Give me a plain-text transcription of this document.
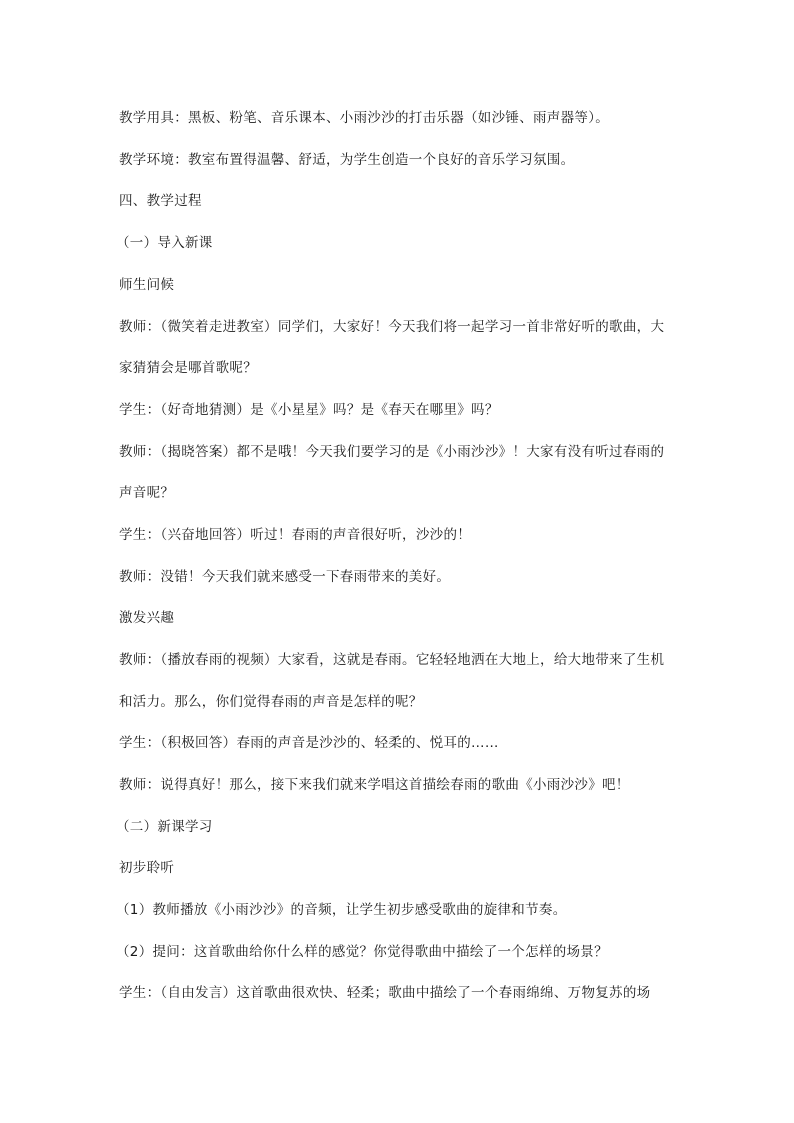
教学用具：黑板、粉笔、音乐课本、小雨沙沙的打击乐器（如沙锤、雨声器等）。
教学环境：教室布置得温馨、舒适，为学生创造一个良好的音乐学习氛围。
四、教学过程
（一）导入新课
师生问候
教师：（微笑着走进教室）同学们，大家好！今天我们将一起学习一首非常好听的歌曲，大
家猜猜会是哪首歌呢？
学生：（好奇地猜测）是《小星星》吗？是《春天在哪里》吗？
教师：（揭晓答案）都不是哦！今天我们要学习的是《小雨沙沙》！大家有没有听过春雨的
声音呢？
学生：（兴奋地回答）听过！春雨的声音很好听，沙沙的！
教师：没错！今天我们就来感受一下春雨带来的美好。
激发兴趣
教师：（播放春雨的视频）大家看，这就是春雨。它轻轻地洒在大地上，给大地带来了生机
和活力。那么，你们觉得春雨的声音是怎样的呢？
学生：（积极回答）春雨的声音是沙沙的、轻柔的、悦耳的……
教师：说得真好！那么，接下来我们就来学唱这首描绘春雨的歌曲《小雨沙沙》吧！
（二）新课学习
初步聆听
（1）教师播放《小雨沙沙》的音频，让学生初步感受歌曲的旋律和节奏。
（2）提问：这首歌曲给你什么样的感觉？你觉得歌曲中描绘了一个怎样的场景？
学生：（自由发言）这首歌曲很欢快、轻柔；歌曲中描绘了一个春雨绵绵、万物复苏的场
